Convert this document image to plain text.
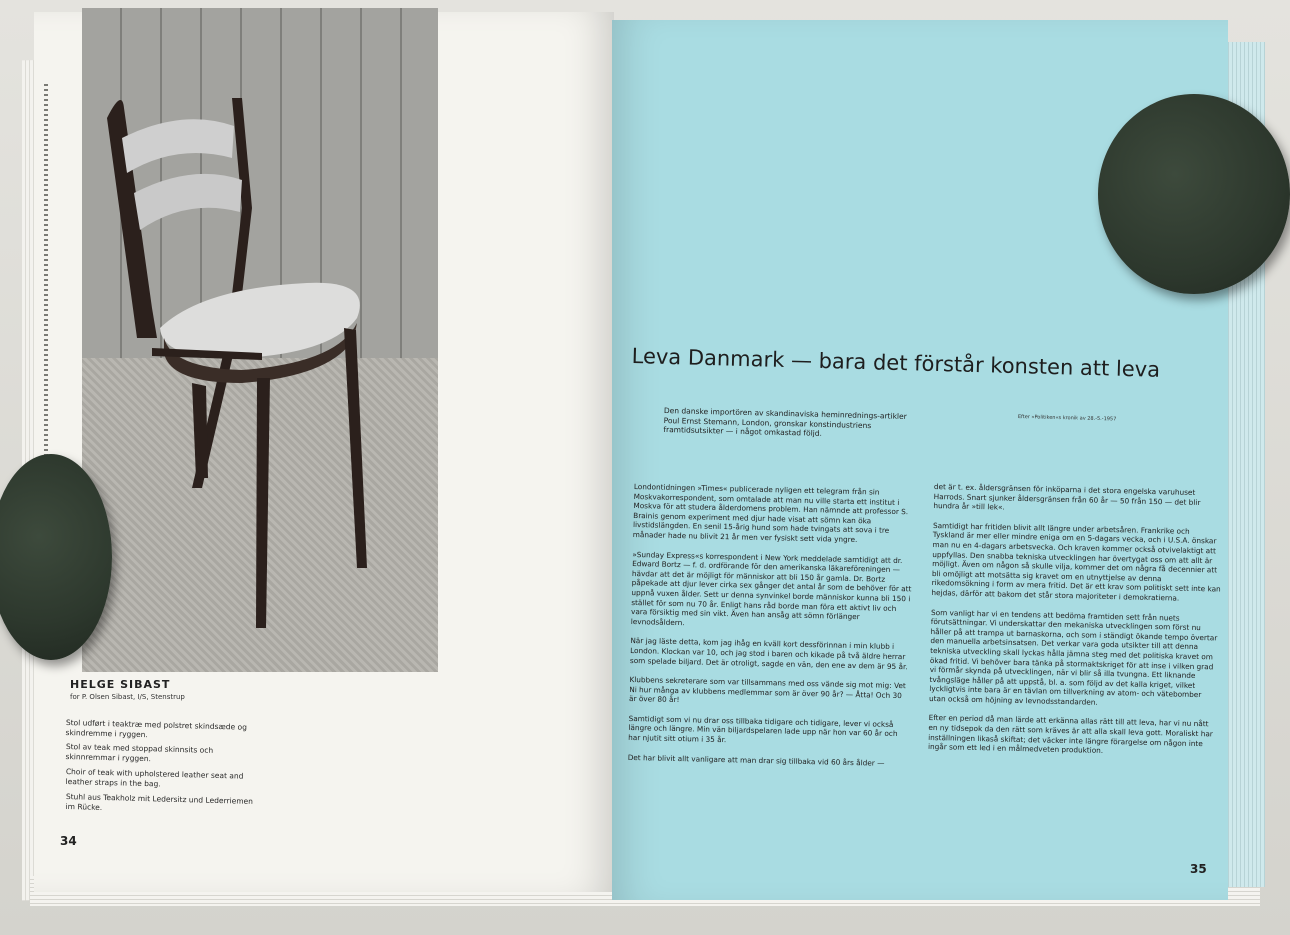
HELGE SIBAST
for P. Olsen Sibast, I/S, Stenstrup
Stol udført i teaktræ med polstret skindsæde og skindremme i ryggen.
Stol av teak med stoppad skinnsits och skinnremmar i ryggen.
Choir of teak with upholstered leather seat and leather straps in the bag.
Stuhl aus Teakholz mit Ledersitz und Lederriemen im Rücke.
34
Leva Danmark — bara det förstår konsten att leva
Den danske importören av skandinaviska heminrednings-artikler Poul Ernst Stemann, London, gronskar konstindustriens framtidsutsikter — i något omkastad följd.
Efter »Politiken«s kronik av 28.-5.-1957

Londontidningen »Times« publicerade nyligen ett telegram från sin Moskvakorrespondent, som omtalade att man nu ville starta ett institut i Moskva för att studera ålderdomens problem. Han nämnde att professor S. Brainis genom experiment med djur hade visat att sömn kan öka livstidslängden. En senil 15-årig hund som hade tvingats att sova i tre månader hade nu blivit 21 år men ver fysiskt sett vida yngre.

»Sunday Express«s korrespondent i New York meddelade samtidigt att dr. Edward Bortz — f. d. ordförande för den amerikanska läkareföreningen — hävdar att det är möjligt för människor att bli 150 år gamla. Dr. Bortz påpekade att djur lever cirka sex gånger det antal år som de behöver för att uppnå vuxen ålder. Sett ur denna synvinkel borde människor kunna bli 150 i stället för som nu 70 år. Enligt hans råd borde man föra ett aktivt liv och vara försiktig med sin vikt. Även han ansåg att sömn förlänger levnodsåldern.

När jag läste detta, kom jag ihåg en kväll kort dessförinnan i min klubb i London. Klockan var 10, och jag stod i baren och kikade på två äldre herrar som spelade biljard. Det är otroligt, sagde en vän, den ene av dem är 95 år.

Klubbens sekreterare som var tillsammans med oss vände sig mot mig: Vet Ni hur många av klubbens medlemmar som är över 90 år? — Åtta! Och 30 är över 80 år!

Samtidigt som vi nu drar oss tillbaka tidigare och tidigare, lever vi också längre och längre. Min vän biljardspelaren lade upp när hon var 60 år och har njutit sitt otium i 35 år.

Det har blivit allt vanligare att man drar sig tillbaka vid 60 års ålder —

det är t. ex. åldersgränsen för inköparna i det stora engelska varuhuset Harrods. Snart sjunker åldersgränsen från 60 år — 50 från 150 — det blir hundra år »till lek«.

Samtidigt har fritiden blivit allt längre under arbetsåren. Frankrike och Tyskland är mer eller mindre eniga om en 5-dagars vecka, och i U.S.A. önskar man nu en 4-dagars arbetsvecka. Och kraven kommer också otvivelaktigt att uppfyllas. Den snabba tekniska utvecklingen har övertygat oss om att allt är möjligt. Även om någon så skulle vilja, kommer det om några få decennier att bli omöjligt att motsätta sig kravet om en utnyttjelse av denna rikedomsökning i form av mera fritid. Det är ett krav som politiskt sett inte kan hejdas, därför att bakom det står stora majoriteter i demokratierna.

Som vanligt har vi en tendens att bedöma framtiden sett från nuets förutsättningar. Vi underskattar den mekaniska utvecklingen som först nu håller på att trampa ut barnaskorna, och som i ständigt ökande tempo övertar den manuella arbetsinsatsen. Det verkar vara goda utsikter till att denna tekniska utveckling skall lyckas hålla jämna steg med det politiska kravet om ökad fritid. Vi behöver bara tänka på stormaktskriget för att inse i vilken grad vi förmår skynda på utvecklingen, när vi blir så illa tvungna. Ett liknande tvångsläge håller på att uppstå, bl. a. som följd av det kalla kriget, vilket lyckligtvis inte bara är en tävlan om tillverkning av atom- och vätebomber utan också om höjning av levnodsstandarden.

Efter en period då man lärde att erkänna allas rätt till att leva, har vi nu nått en ny tidsepok da den rätt som kräves är att alla skall leva gott. Moraliskt har inställningen likaså skiftat; det väcker inte längre förargelse om någon inte ingår som ett led i en målmedveten produktion.

35
